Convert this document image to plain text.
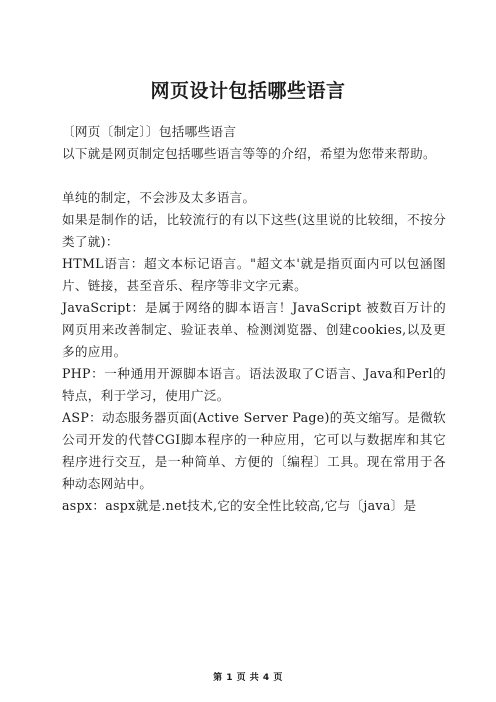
网页设计包括哪些语言

〔网页〔制定〕〕包括哪些语言

以下就是网页制定包括哪些语言等等的介绍，希望为您带来帮助。

单纯的制定，不会涉及太多语言。

如果是制作的话，比较流行的有以下这些(这里说的比较细，不按分类了就)：

HTML语言：超文本标记语言。"超文本'就是指页面内可以包涵图片、链接，甚至音乐、程序等非文字元素。

JavaScript：是属于网络的脚本语言！JavaScript 被数百万计的网页用来改善制定、验证表单、检测浏览器、创建cookies,以及更多的应用。

PHP：一种通用开源脚本语言。语法汲取了C语言、Java和Perl的特点，利于学习，使用广泛。

ASP：动态服务器页面(Active Server Page)的英文缩写。是微软公司开发的代替CGI脚本程序的一种应用，它可以与数据库和其它程序进行交互，是一种简单、方便的〔编程〕工具。现在常用于各种动态网站中。

aspx：aspx就是.net技术,它的安全性比较高,它与〔java〕是

第 1 页 共 4 页
